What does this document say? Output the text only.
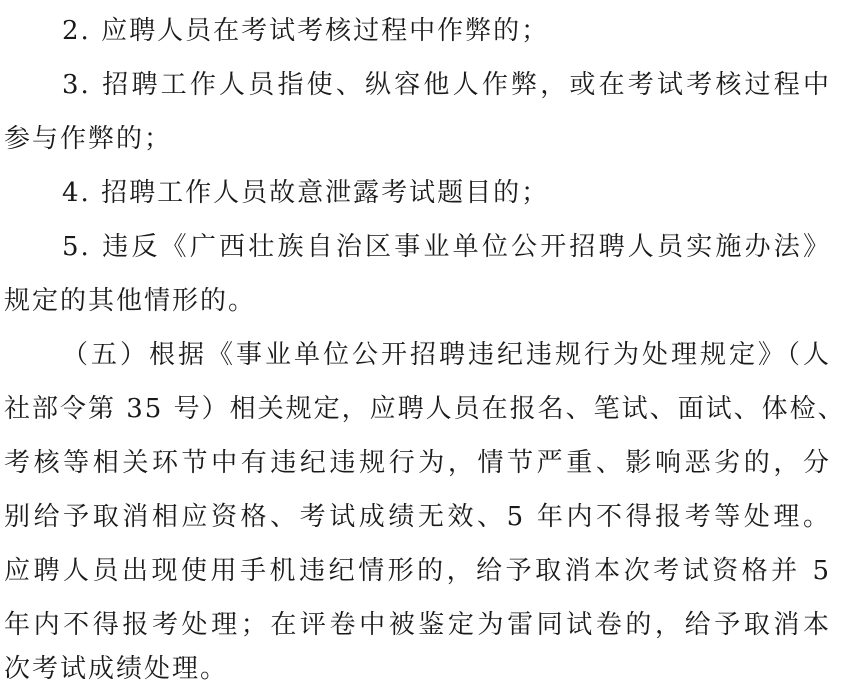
2. 应聘人员在考试考核过程中作弊的；
3. 招聘工作人员指使、纵容他人作弊，或在考试考核过程中
参与作弊的；
4. 招聘工作人员故意泄露考试题目的；
5. 违反《广西壮族自治区事业单位公开招聘人员实施办法》
规定的其他情形的。
（五）根据《事业单位公开招聘违纪违规行为处理规定》（人
社部令第 35 号）相关规定，应聘人员在报名、笔试、面试、体检、
考核等相关环节中有违纪违规行为，情节严重、影响恶劣的，分
别给予取消相应资格、考试成绩无效、5 年内不得报考等处理。
应聘人员出现使用手机违纪情形的，给予取消本次考试资格并 5
年内不得报考处理；在评卷中被鉴定为雷同试卷的，给予取消本
次考试成绩处理。
